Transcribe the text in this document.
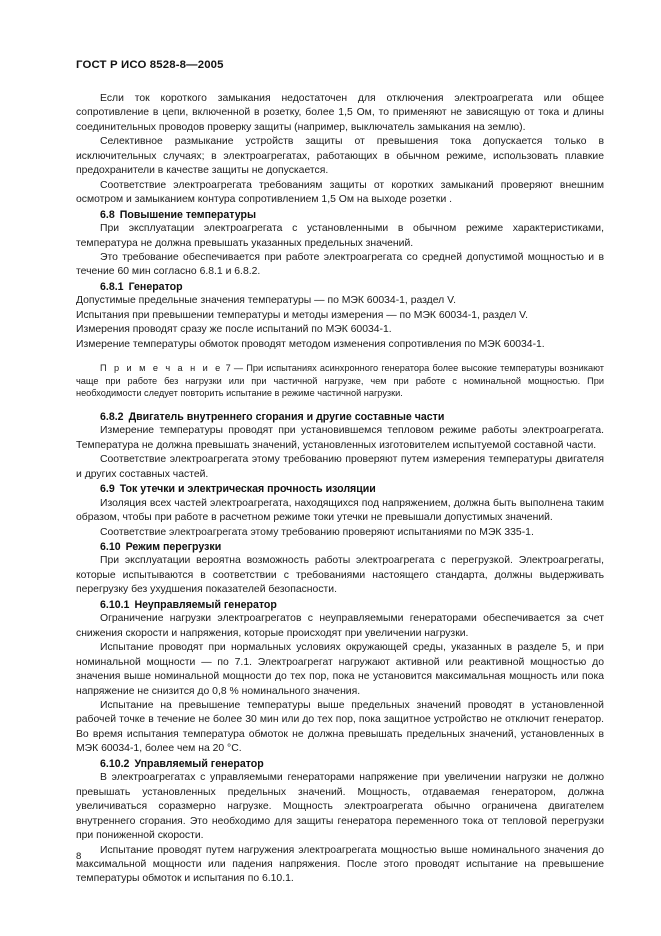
ГОСТ Р ИСО 8528-8—2005

Если ток короткого замыкания недостаточен для отключения электроагрегата или общее сопротивление в цепи, включенной в розетку, более 1,5 Ом, то применяют не зависящую от тока и длины соединительных проводов проверку защиты (например, выключатель замыкания на землю).

Селективное размыкание устройств защиты от превышения тока допускается только в исключительных случаях; в электроагрегатах, работающих в обычном режиме, использовать плавкие предохранители в качестве защиты не допускается.

Соответствие электроагрегата требованиям защиты от коротких замыканий проверяют внешним осмотром и замыканием контура сопротивлением 1,5 Ом на выходе розетки .

6.8 Повышение температуры

При эксплуатации электроагрегата с установленными в обычном режиме характеристиками, температура не должна превышать указанных предельных значений.

Это требование обеспечивается при работе электроагрегата со средней допустимой мощностью и в течение 60 мин согласно 6.8.1 и 6.8.2.

6.8.1 Генератор

Допустимые предельные значения температуры — по МЭК 60034-1, раздел V.

Испытания при превышении температуры и методы измерения — по МЭК 60034-1, раздел V.

Измерения проводят сразу же после испытаний по МЭК 60034-1.

Измерение температуры обмоток проводят методом изменения сопротивления по МЭК 60034-1.

П р и м е ч а н и е 7 — При испытаниях асинхронного генератора более высокие температуры возникают чаще при работе без нагрузки или при частичной нагрузке, чем при работе с номинальной мощностью. При необходимости следует повторить испытание в режиме частичной нагрузки.

6.8.2 Двигатель внутреннего сгорания и другие составные части

Измерение температуры проводят при установившемся тепловом режиме работы электроагрегата. Температура не должна превышать значений, установленных изготовителем испытуемой составной части.

Соответствие электроагрегата этому требованию проверяют путем измерения температуры двигателя и других составных частей.

6.9 Ток утечки и электрическая прочность изоляции

Изоляция всех частей электроагрегата, находящихся под напряжением, должна быть выполнена таким образом, чтобы при работе в расчетном режиме токи утечки не превышали допустимых значений.

Соответствие электроагрегата этому требованию проверяют испытаниями по МЭК 335-1.

6.10 Режим перегрузки

При эксплуатации вероятна возможность работы электроагрегата с перегрузкой. Электроагрегаты, которые испытываются в соответствии с требованиями настоящего стандарта, должны выдерживать перегрузку без ухудшения показателей безопасности.

6.10.1 Неуправляемый генератор

Ограничение нагрузки электроагрегатов с неуправляемыми генераторами обеспечивается за счет снижения скорости и напряжения, которые происходят при увеличении нагрузки.

Испытание проводят при нормальных условиях окружающей среды, указанных в разделе 5, и при номинальной мощности — по 7.1. Электроагрегат нагружают активной или реактивной мощностью до значения выше номинальной мощности до тех пор, пока не установится максимальная мощность или пока напряжение не снизится до 0,8 % номинального значения.

Испытание на превышение температуры выше предельных значений проводят в установленной рабочей точке в течение не более 30 мин или до тех пор, пока защитное устройство не отключит генератор. Во время испытания температура обмоток не должна превышать предельных значений, установленных в МЭК 60034-1, более чем на 20 °С.

6.10.2 Управляемый генератор

В электроагрегатах с управляемыми генераторами напряжение при увеличении нагрузки не должно превышать установленных предельных значений. Мощность, отдаваемая генератором, должна увеличиваться соразмерно нагрузке. Мощность электроагрегата обычно ограничена двигателем внутреннего сгорания. Это необходимо для защиты генератора переменного тока от тепловой перегрузки при пониженной скорости.

Испытание проводят путем нагружения электроагрегата мощностью выше номинального значения до максимальной мощности или падения напряжения. После этого проводят испытание на превышение температуры обмоток и испытания по 6.10.1.

8
